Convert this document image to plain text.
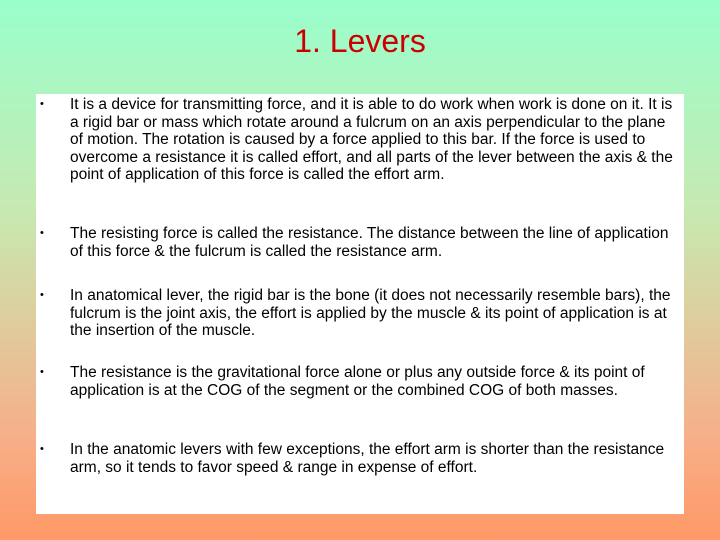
1. Levers
•	It is a device for transmitting force, and it is able to do work when work is done on it. It is a rigid bar or mass which rotate around a fulcrum on an axis perpendicular to the plane of motion. The rotation is caused by a force applied to this bar. If the force is used to overcome a resistance it is called effort, and all parts of the lever between the axis & the point of application of this force is called the effort arm.
•	The resisting force is called the resistance. The distance between the line of application of this force & the fulcrum is called the resistance arm.
•	In anatomical lever, the rigid bar is the bone (it does not necessarily resemble bars), the fulcrum is the joint axis, the effort is applied by the muscle & its point of application is at the insertion of the muscle.
•	The resistance is the gravitational force alone or plus any outside force & its point of application is at the COG of the segment or the combined COG of both masses.
•	In the anatomic levers with few exceptions, the effort arm is shorter than the resistance arm, so it tends to favor speed & range in expense of effort.
